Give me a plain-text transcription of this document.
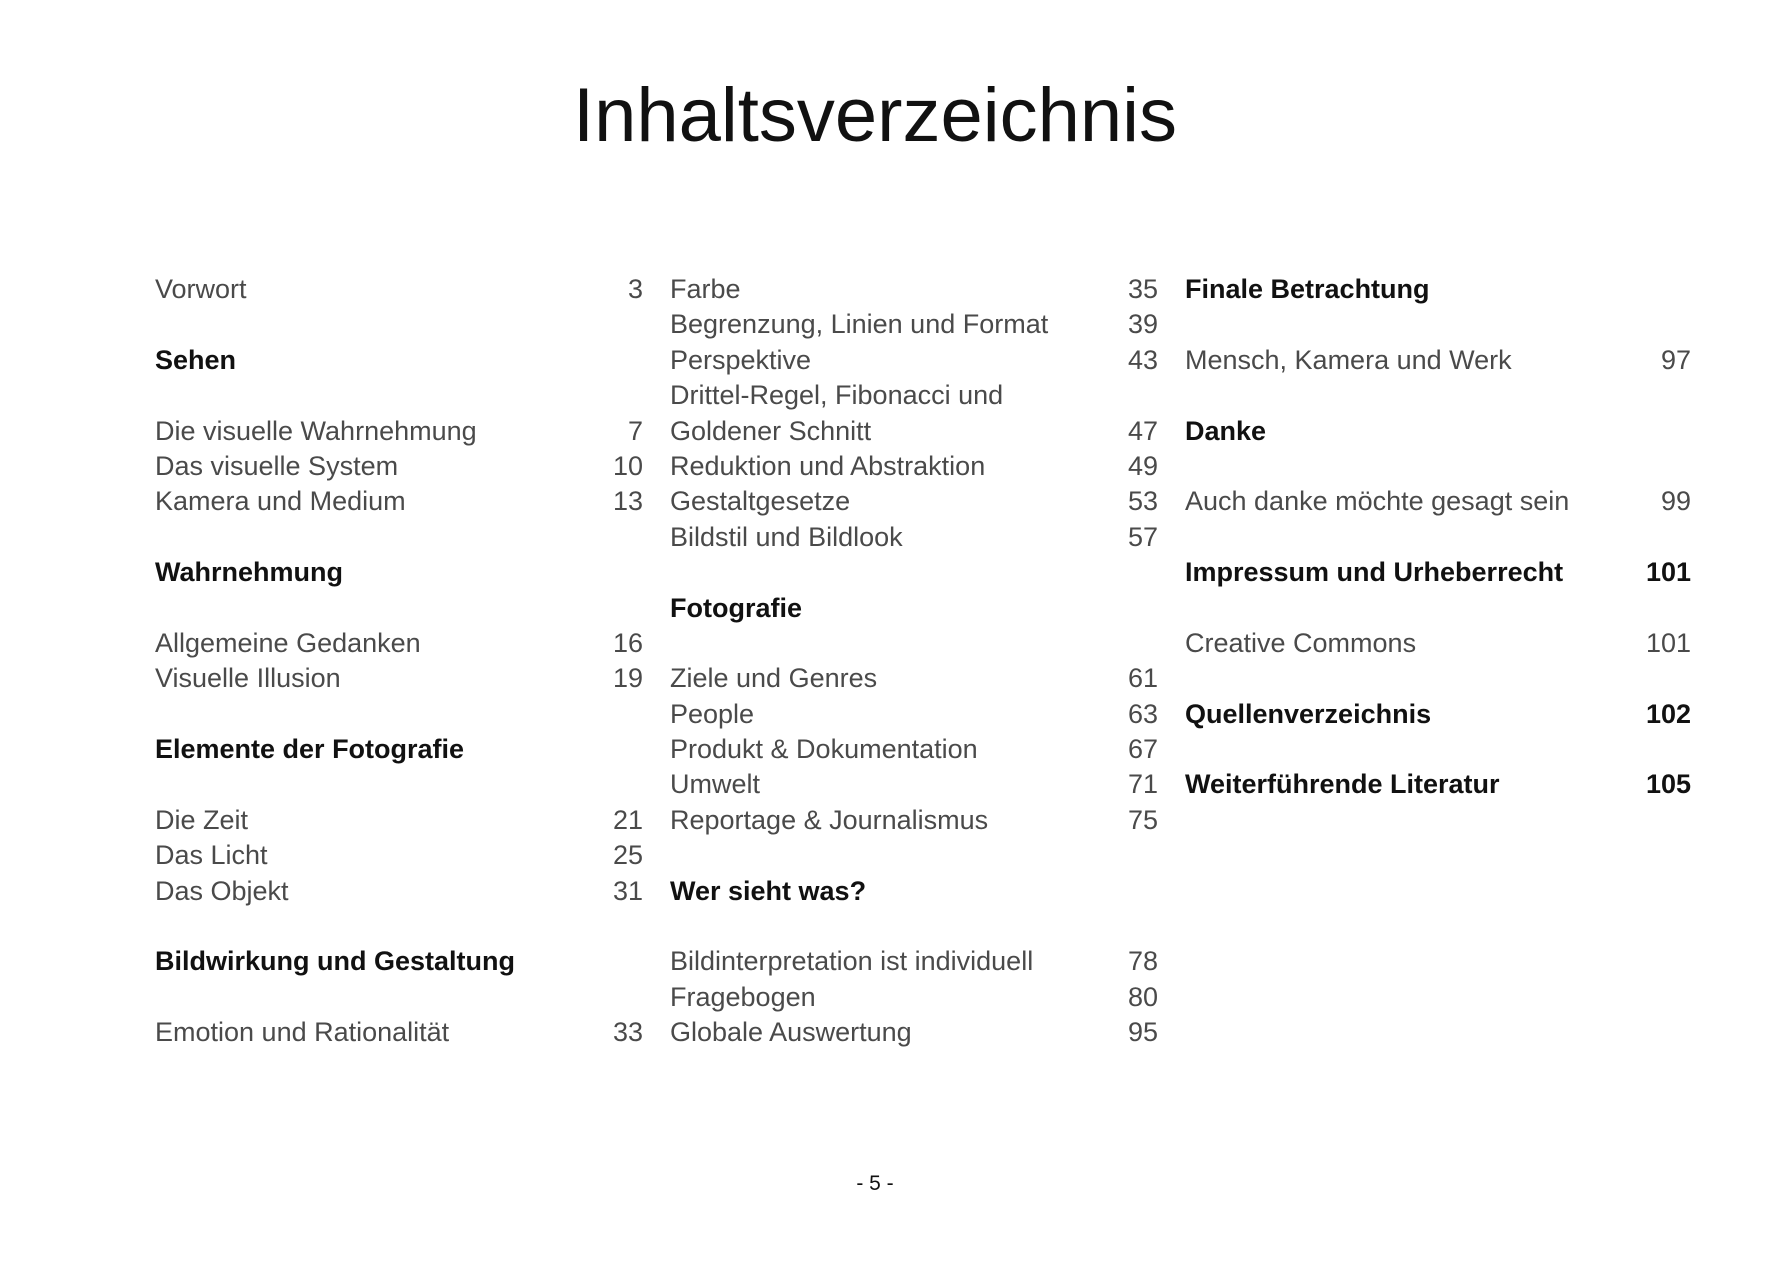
Inhaltsverzeichnis
Vorwort	3
Sehen
Die visuelle Wahrnehmung	7
Das visuelle System	10
Kamera und Medium	13
Wahrnehmung
Allgemeine Gedanken	16
Visuelle Illusion	19
Elemente der Fotografie
Die Zeit	21
Das Licht	25
Das Objekt	31
Bildwirkung und Gestaltung
Emotion und Rationalität	33
Farbe	35
Begrenzung, Linien und Format	39
Perspektive	43
Drittel-Regel, Fibonacci und
Goldener Schnitt	47
Reduktion und Abstraktion	49
Gestaltgesetze	53
Bildstil und Bildlook	57
Fotografie
Ziele und Genres	61
People	63
Produkt & Dokumentation	67
Umwelt	71
Reportage & Journalismus	75
Wer sieht was?
Bildinterpretation ist individuell	78
Fragebogen	80
Globale Auswertung	95
Finale Betrachtung
Mensch, Kamera und Werk	97
Danke
Auch danke möchte gesagt sein	99
Impressum und Urheberrecht	101
Creative Commons	101
Quellenverzeichnis	102
Weiterführende Literatur	105
- 5 -
